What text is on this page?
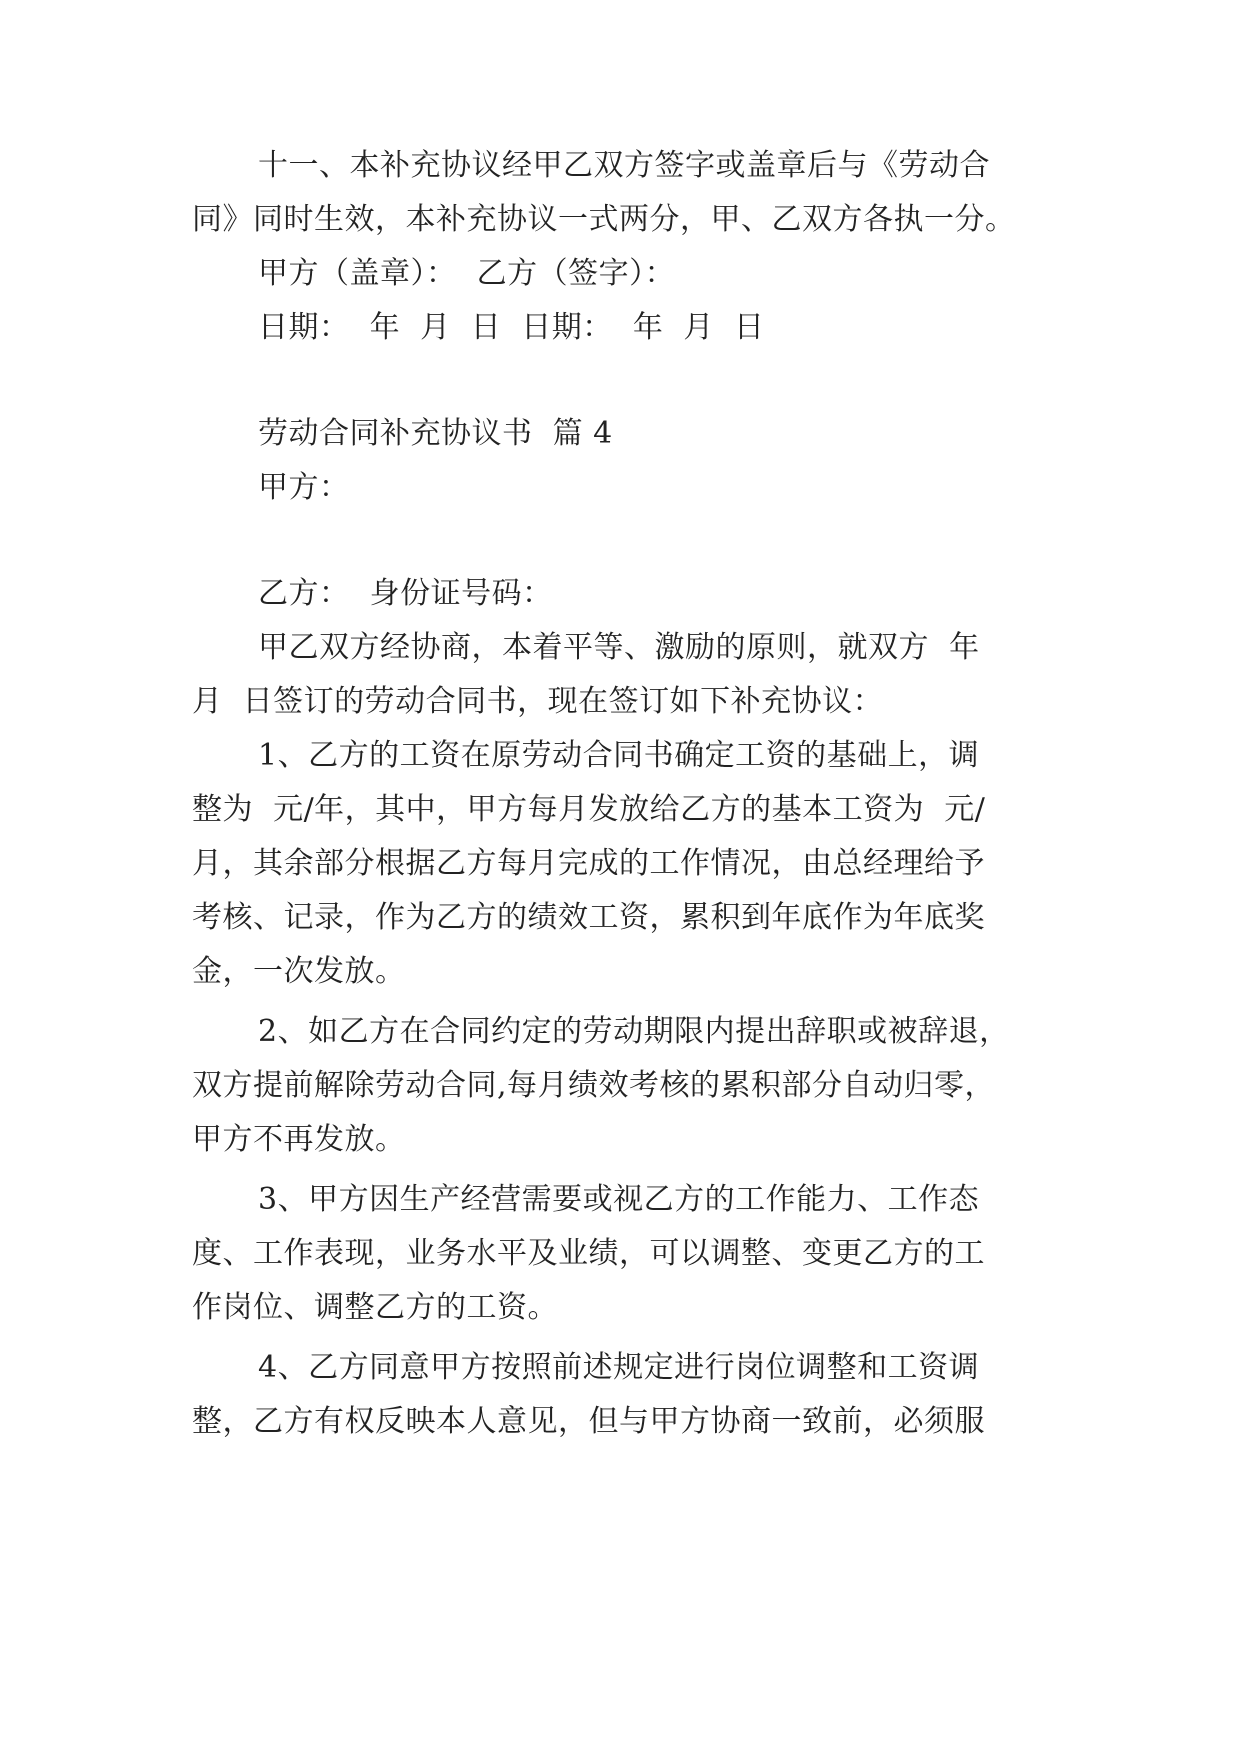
十一、本补充协议经甲乙双方签字或盖章后与《劳动合
同》同时生效，本补充协议一式两分，甲、乙双方各执一分。
甲方（盖章）：  乙方（签字）：
日期：  年  月  日  日期：  年  月  日
劳动合同补充协议书  篇 4
甲方：
乙方：  身份证号码：
甲乙双方经协商，本着平等、激励的原则，就双方  年
月  日签订的劳动合同书，现在签订如下补充协议：
1、乙方的工资在原劳动合同书确定工资的基础上，调
整为  元/年，其中，甲方每月发放给乙方的基本工资为  元/
月，其余部分根据乙方每月完成的工作情况，由总经理给予
考核、记录，作为乙方的绩效工资，累积到年底作为年底奖
金，一次发放。
2、如乙方在合同约定的劳动期限内提出辞职或被辞退，
双方提前解除劳动合同,每月绩效考核的累积部分自动归零，
甲方不再发放。
3、甲方因生产经营需要或视乙方的工作能力、工作态
度、工作表现，业务水平及业绩，可以调整、变更乙方的工
作岗位、调整乙方的工资。
4、乙方同意甲方按照前述规定进行岗位调整和工资调
整，乙方有权反映本人意见，但与甲方协商一致前，必须服
